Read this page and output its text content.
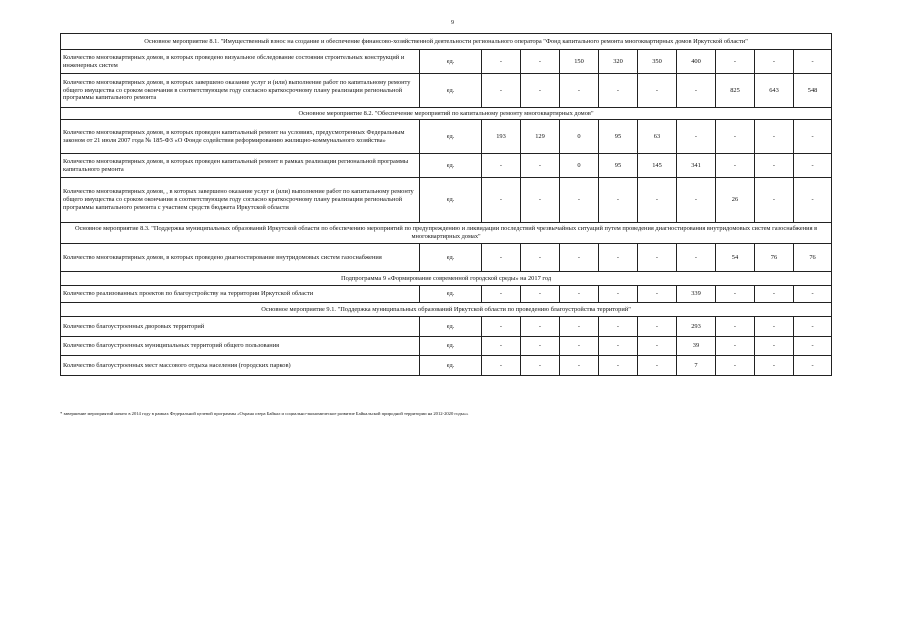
9
Основное мероприятие 8.1. "Имущественный взнос на создание и обеспечение финансово-хозяйственной деятельности регионального оператора "Фонд капитального ремонта многоквартирных домов Иркутской области"										
Количество многоквартирных домов, в которых проведено визуальное обследование состояния строительных конструкций и инженерных систем	ед.	-	-	150	320	350	400	-	-	-
Количество многоквартирных домов, в которых завершено оказание услуг и (или) выполнение работ по капитальному ремонту общего имущества со сроком окончания в соответствующем году согласно краткосрочному плану реализации региональной программы капитального ремонта	ед.	-	-	-	-	-	-	825	643	548
Основное мероприятие 8.2. "Обеспечение мероприятий по капитальному ремонту многоквартирных домов"										
Количество многоквартирных домов, в которых проведен капитальный ремонт на условиях, предусмотренных Федеральным законом от 21 июля 2007 года № 185-ФЗ «О Фонде содействия реформированию жилищно-коммунального хозяйства»	ед.	193	129	0	95	63	-	-	-	-
Количество многоквартирных домов, в которых проведен капитальный ремонт в рамках реализации региональной программы капитального ремонта	ед.	-	-	0	95	145	341	-	-	-
Количество многоквартирных домов, , в которых завершено оказание услуг и (или) выполнение работ по капитальному ремонту общего имущества со сроком окончания в соответствующем году согласно краткосрочному плану реализации региональной программы капитального ремонта с участием средств бюджета Иркутской области	ед.	-	-	-	-	-	-	26	-	-
Основное мероприятие 8.3. "Поддержка муниципальных образований Иркутской области по обеспечению мероприятий по предупреждению и ликвидации последствий чрезвычайных ситуаций путем проведения диагностирования внутридомовых систем газоснабжения в многоквартирных домах"										
Количество многоквартирных домов, в которых проведено диагностирование внутридомовых систем газоснабжения	ед.	-	-	-	-	-	-	54	76	76
Подпрограмма 9 «Формирование современной городской среды» на 2017 год										
Количество реализованных проектов по благоустройству на территории Иркутской области	ед.	-	-	-	-	-	339	-	-	-
Основное мероприятие 9.1. "Поддержка муниципальных образований Иркутской области по проведению благоустройства территорий"										
Количество благоустроенных дворовых территорий	ед.	-	-	-	-	-	293	-	-	-
Количество благоустроенных муниципальных территорий общего пользования	ед.	-	-	-	-	-	39	-	-	-
Количество благоустроенных мест массового отдыха населения (городских парков)	ед.	-	-	-	-	-	7	-	-	-
* завершение мероприятий начато в 2014 году в рамках Федеральной целевой программы «Охрана озера Байкал и социально-экономическое развитие Байкальской природной территории на 2012-2020 годы»»
